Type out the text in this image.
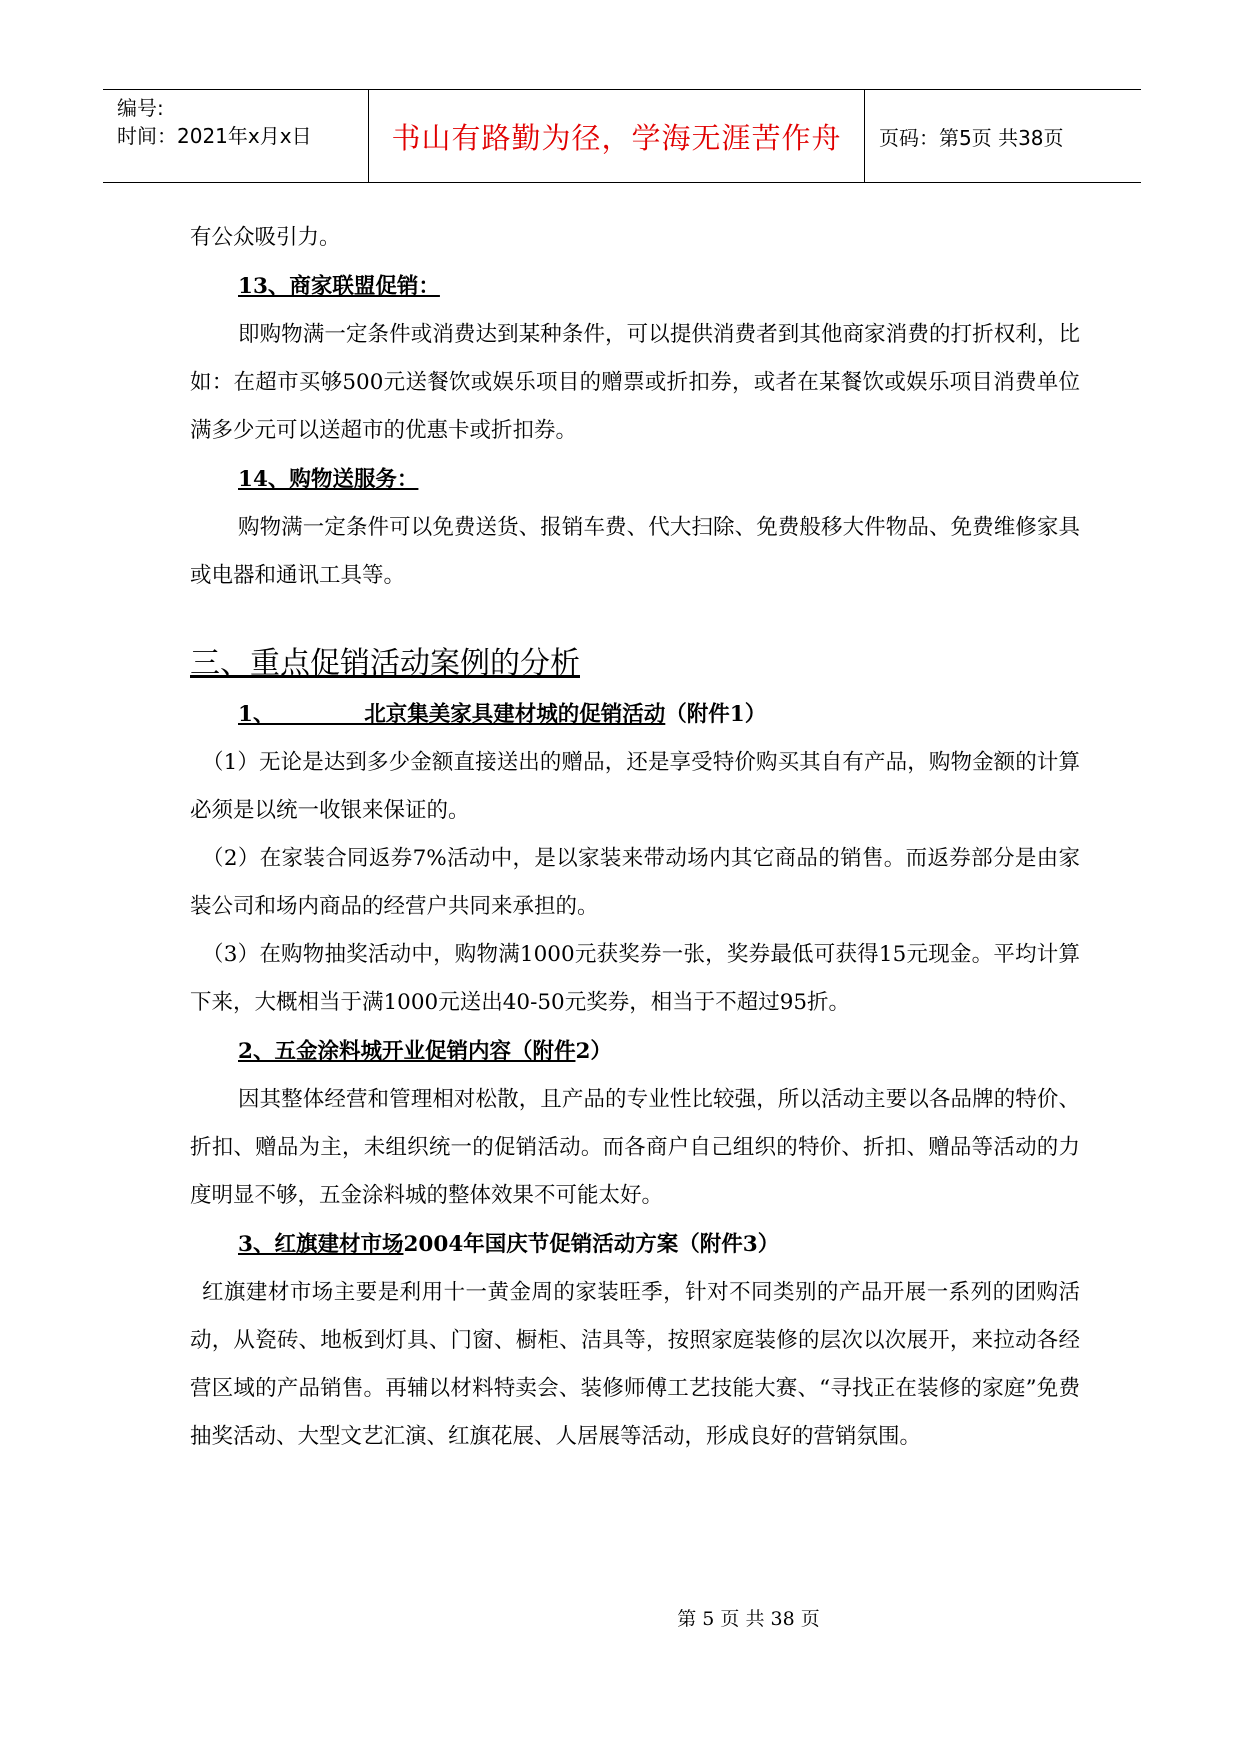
编号:
时间：2021年x月x日	书山有路勤为径，学海无涯苦作舟	页码：第5页 共38页

有公众吸引力。

13、商家联盟促销：

即购物满一定条件或消费达到某种条件，可以提供消费者到其他商家消费的打折权利，比如：在超市买够500元送餐饮或娱乐项目的赠票或折扣券，或者在某餐饮或娱乐项目消费单位满多少元可以送超市的优惠卡或折扣券。

14、购物送服务：

购物满一定条件可以免费送货、报销车费、代大扫除、免费般移大件物品、免费维修家具或电器和通讯工具等。

三、重点促销活动案例的分析

1、            北京集美家具建材城的促销活动（附件1）

（1）无论是达到多少金额直接送出的赠品，还是享受特价购买其自有产品，购物金额的计算必须是以统一收银来保证的。

（2）在家装合同返券7%活动中，是以家装来带动场内其它商品的销售。而返券部分是由家装公司和场内商品的经营户共同来承担的。

（3）在购物抽奖活动中，购物满1000元获奖券一张，奖券最低可获得15元现金。平均计算下来，大概相当于满1000元送出40-50元奖券，相当于不超过95折。

2、五金涂料城开业促销内容（附件2）

因其整体经营和管理相对松散，且产品的专业性比较强，所以活动主要以各品牌的特价、折扣、赠品为主，未组织统一的促销活动。而各商户自己组织的特价、折扣、赠品等活动的力度明显不够，五金涂料城的整体效果不可能太好。

3、红旗建材市场2004年国庆节促销活动方案（附件3）

红旗建材市场主要是利用十一黄金周的家装旺季，针对不同类别的产品开展一系列的团购活动，从瓷砖、地板到灯具、门窗、橱柜、洁具等，按照家庭装修的层次以次展开，来拉动各经营区域的产品销售。再辅以材料特卖会、装修师傅工艺技能大赛、“寻找正在装修的家庭”免费抽奖活动、大型文艺汇演、红旗花展、人居展等活动，形成良好的营销氛围。

第 5 页 共 38 页
